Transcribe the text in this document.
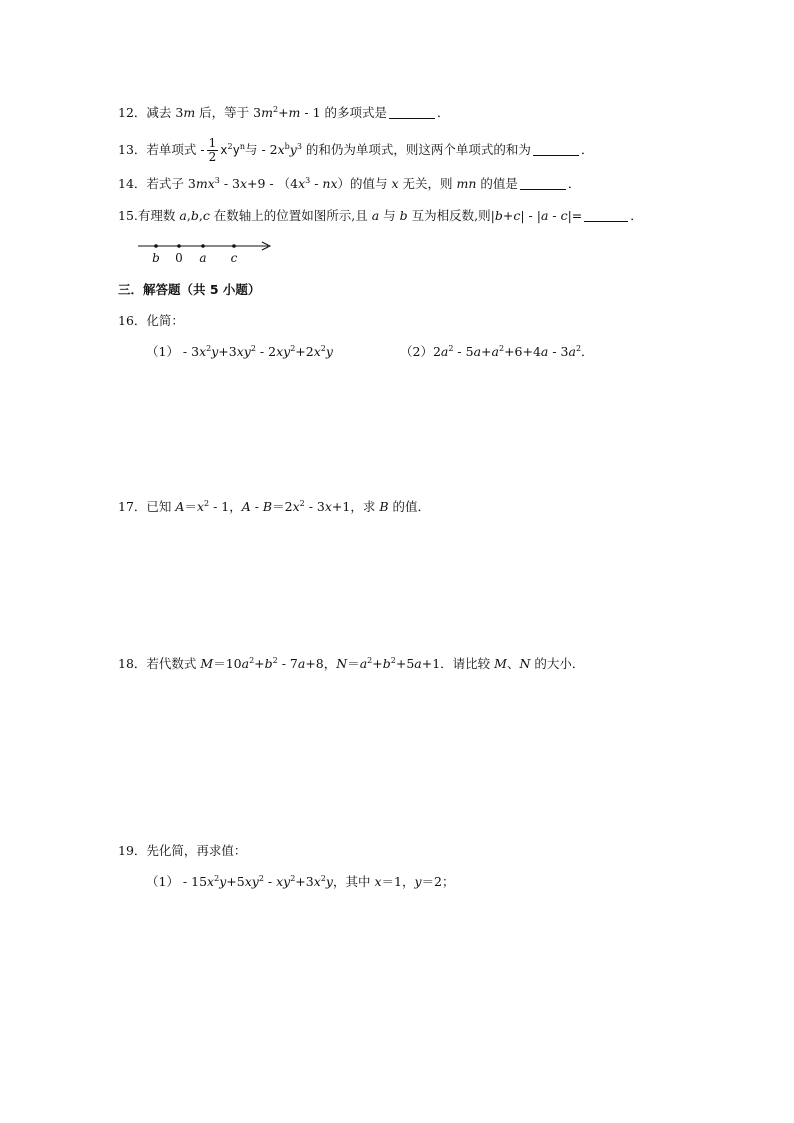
12．减去 3m 后，等于 $3m^2+m - 1$ 的多项式是	．
13．若单项式 - $\frac{1}{2} x^2y^n$与 - $2x^by^3$ 的和仍为单项式，则这两个单项式的和为	．
14．若式子 $3mx^3 - 3x+9 - (4x^3 - nx)$的值与 x 无关，则 mn 的值是	．
15.有理数 a,b,c 在数轴上的位置如图所示,且 a 与 b 互为相反数,则|b+c| - |a - c|=	．
b 0 a c
三．解答题（共 5 小题）
16．化简：
$(1) - 3x^2y+3xy^2 - 2xy^2+2x^2y$	$(2)2a^2 - 5a+a^2+6+4a - 3a^2$．
17．已知 $A=x^2 - 1$，$A - B=2x^2 - 3x+1$，求 B 的值．
18．若代数式 $M=10a^2+b^2 - 7a+8$，$N=a^2+b^2+5a+1$．请比较 M、N 的大小．
19．先化简，再求值：
$(1) - 15x^2y+5xy^2 - xy^2+3x^2y$，其中 x＝1，y＝2；
